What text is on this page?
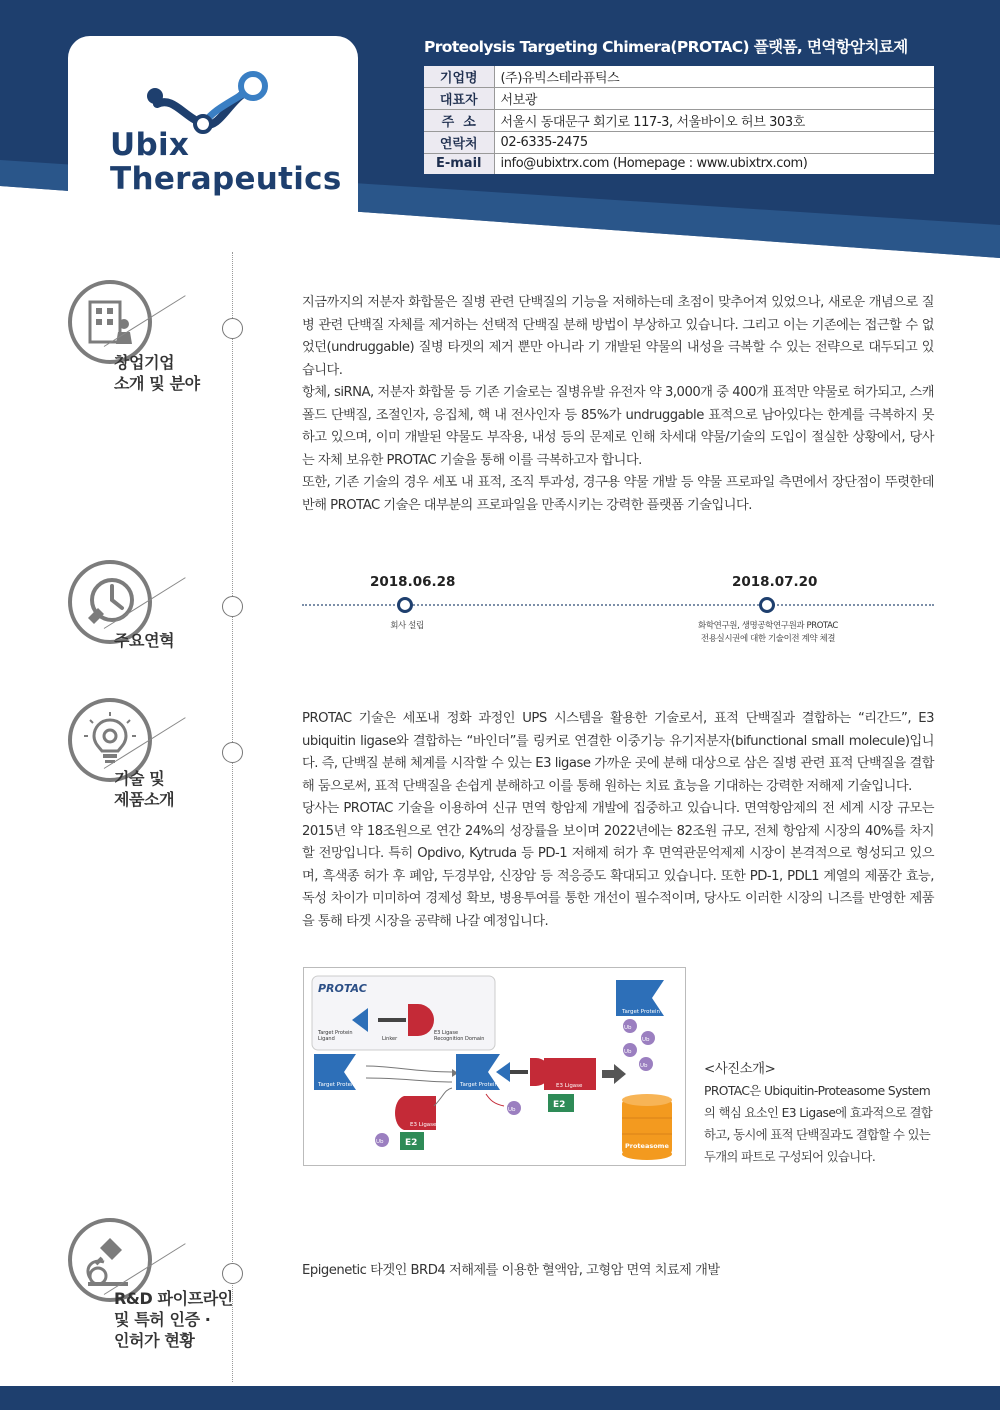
Ubix
Therapeutics
Proteolysis Targeting Chimera(PROTAC) 플랫폼, 면역항암치료제
기업명	(주)유빅스테라퓨틱스
대표자	서보광
주  소	서울시 동대문구 회기로 117-3, 서울바이오 허브 303호
연락처	02-6335-2475
E-mail	info@ubixtrx.com (Homepage : www.ubixtrx.com)
창업기업
소개 및 분야

지금까지의 저분자 화합물은 질병 관련 단백질의 기능을 저해하는데 초점이 맞추어져 있었으나, 새로운 개념으로 질병 관련 단백질 자체를 제거하는 선택적 단백질 분해 방법이 부상하고 있습니다. 그리고 이는 기존에는 접근할 수 없었던(undruggable) 질병 타겟의 제거 뿐만 아니라 기 개발된 약물의 내성을 극복할 수 있는 전략으로 대두되고 있습니다.

항체, siRNA, 저분자 화합물 등 기존 기술로는 질병유발 유전자 약 3,000개 중 400개 표적만 약물로 허가되고, 스캐폴드 단백질, 조절인자, 응집체, 핵 내 전사인자 등 85%가 undruggable 표적으로 남아있다는 한계를 극복하지 못하고 있으며, 이미 개발된 약물도 부작용, 내성 등의 문제로 인해 차세대 약물/기술의 도입이 절실한 상황에서, 당사는 자체 보유한 PROTAC 기술을 통해 이를 극복하고자 합니다.

또한, 기존 기술의 경우 세포 내 표적, 조직 투과성, 경구용 약물 개발 등 약물 프로파일 측면에서 장단점이 뚜렷한데 반해 PROTAC 기술은 대부분의 프로파일을 만족시키는 강력한 플랫폼 기술입니다.

주요연혁
2018.06.28
회사 설립
2018.07.20
화학연구원, 생명공학연구원과 PROTAC
전용실시권에 대한 기술이전 계약 체결
기술 및
제품소개

PROTAC 기술은 세포내 정화 과정인 UPS 시스템을 활용한 기술로서, 표적 단백질과 결합하는 “리간드”, E3 ubiquitin ligase와 결합하는 “바인더”를 링커로 연결한 이중기능 유기저분자(bifunctional small molecule)입니다. 즉, 단백질 분해 체계를 시작할 수 있는 E3 ligase 가까운 곳에 분해 대상으로 삼은 질병 관련 표적 단백질을 결합해 둠으로써, 표적 단백질을 손쉽게 분해하고 이를 통해 원하는 치료 효능을 기대하는 강력한 저해제 기술입니다.

당사는 PROTAC 기술을 이용하여 신규 면역 항암제 개발에 집중하고 있습니다. 면역항암제의 전 세계 시장 규모는 2015년 약 18조원으로 연간 24%의 성장률을 보이며 2022년에는 82조원 규모, 전체 항암제 시장의 40%를 차지할 전망입니다. 특히 Opdivo, Kytruda 등 PD-1 저해제 허가 후 면역관문억제제 시장이 본격적으로 형성되고 있으며, 흑색종 허가 후 폐암, 두경부암, 신장암 등 적응증도 확대되고 있습니다. 또한 PD-1, PDL1 계열의 제품간 효능, 독성 차이가 미미하여 경제성 확보, 병용투여를 통한 개선이 필수적이며, 당사도 이러한 시장의 니즈를 반영한 제품을 통해 타겟 시장을 공략해 나갈 예정입니다.

PROTAC
Target Protein
Ligand	Linker
E3 Ligase
Recognition Domain
Target Protein
E3 Ligase
E2
Ub
Target Protein	E3 Ligase
E2
Ub
Target Protein
Ub
Ub
Ub
Ub
Proteasome
<사진소개>
PROTAC은 Ubiquitin-Proteasome System의 핵심 요소인 E3 Ligase에 효과적으로 결합하고, 동시에 표적 단백질과도 결합할 수 있는 두개의 파트로 구성되어 있습니다.
R&D 파이프라인
및 특허 인증 ·
인허가 현황
Epigenetic 타겟인 BRD4 저해제를 이용한 혈액암, 고형암 면역 치료제 개발
